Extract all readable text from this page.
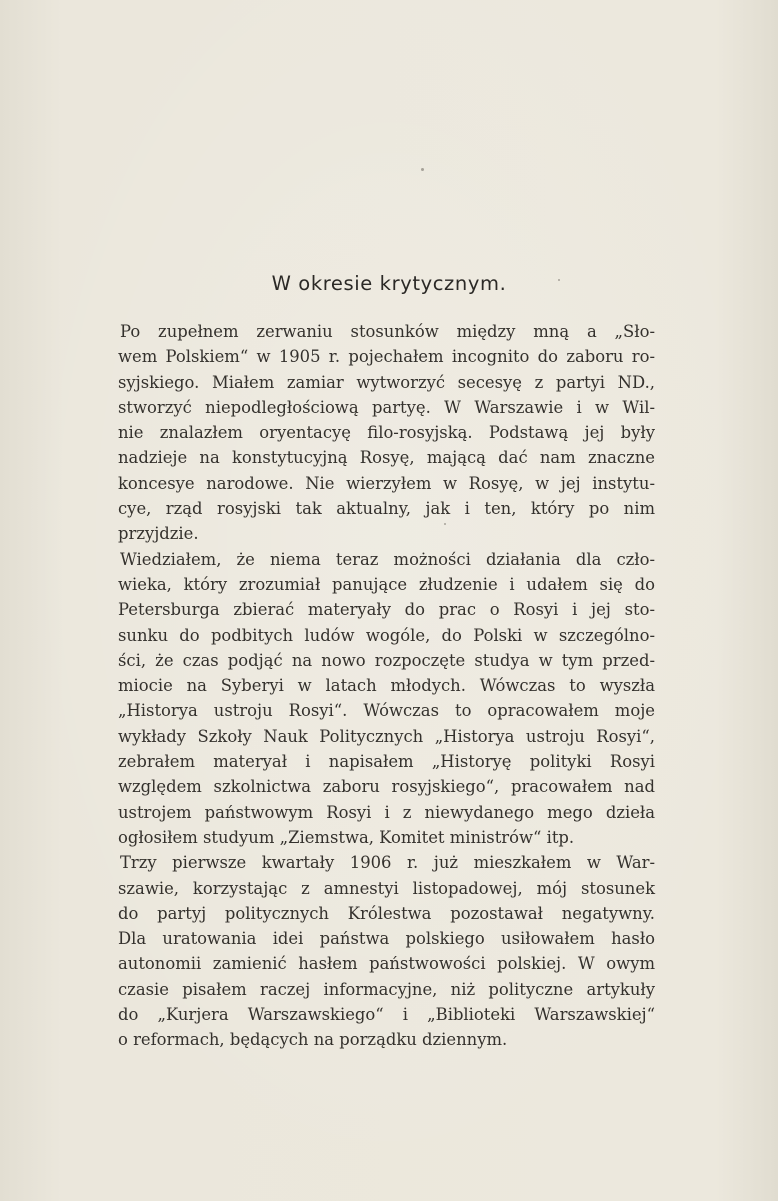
W okresie krytycznym.
Po zupełnem zerwaniu stosunków między mną a „Sło-
wem Polskiem“ w 1905 r. pojechałem incognito do zaboru ro-
syjskiego. Miałem zamiar wytworzyć secesyę z partyi ND.,
stworzyć niepodległościową partyę. W Warszawie i w Wil-
nie znalazłem oryentacyę filo-rosyjską. Podstawą jej były
nadzieje na konstytucyjną Rosyę, mającą dać nam znaczne
koncesye narodowe. Nie wierzyłem w Rosyę, w jej instytu-
cye, rząd rosyjski tak aktualny, jak i ten, który po nim
przyjdzie.
Wiedziałem, że niema teraz możności działania dla czło-
wieka, który zrozumiał panujące złudzenie i udałem się do
Petersburga zbierać materyały do prac o Rosyi i jej sto-
sunku do podbitych ludów wogóle, do Polski w szczególno-
ści, że czas podjąć na nowo rozpoczęte studya w tym przed-
miocie na Syberyi w latach młodych. Wówczas to wyszła
„Historya ustroju Rosyi“. Wówczas to opracowałem moje
wykłady Szkoły Nauk Politycznych „Historya ustroju Rosyi“,
zebrałem materyał i napisałem „Historyę polityki Rosyi
względem szkolnictwa zaboru rosyjskiego“, pracowałem nad
ustrojem państwowym Rosyi i z niewydanego mego dzieła
ogłosiłem studyum „Ziemstwa, Komitet ministrów“ itp.
Trzy pierwsze kwartały 1906 r. już mieszkałem w War-
szawie, korzystając z amnestyi listopadowej, mój stosunek
do partyj politycznych Królestwa pozostawał negatywny.
Dla uratowania idei państwa polskiego usiłowałem hasło
autonomii zamienić hasłem państwowości polskiej. W owym
czasie pisałem raczej informacyjne, niż polityczne artykuły
do „Kurjera Warszawskiego“ i „Biblioteki Warszawskiej“
o reformach, będących na porządku dziennym.
